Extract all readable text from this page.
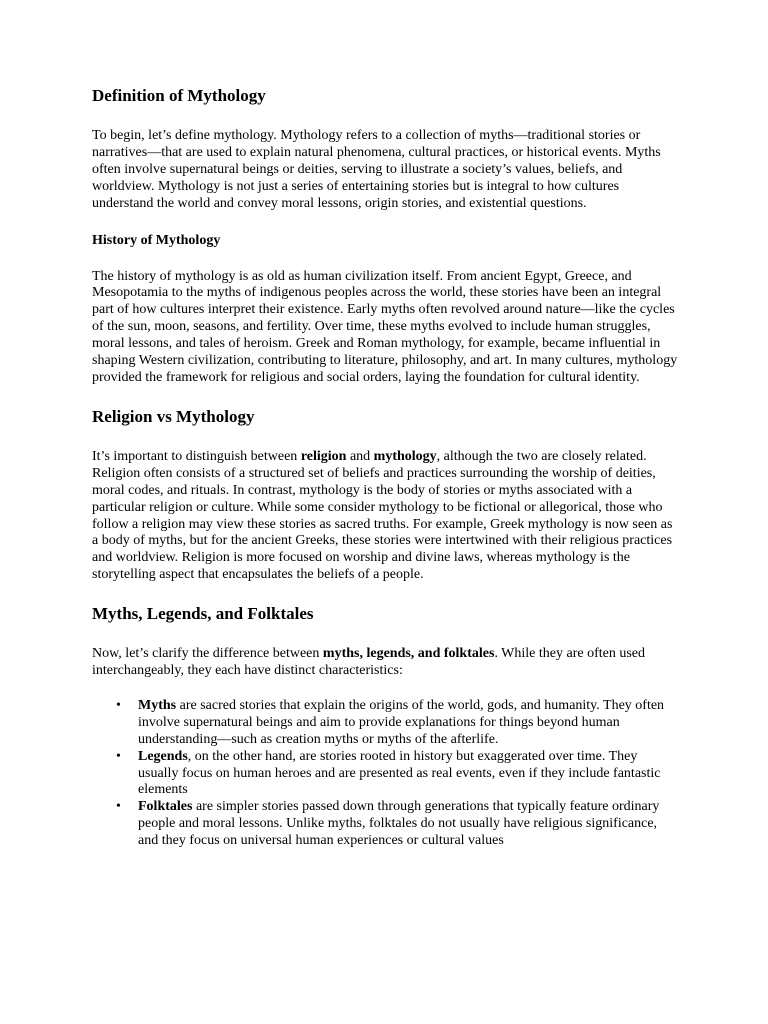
Definition of Mythology

To begin, let’s define mythology. Mythology refers to a collection of myths—traditional stories or narratives—that are used to explain natural phenomena, cultural practices, or historical events. Myths often involve supernatural beings or deities, serving to illustrate a society’s values, beliefs, and worldview. Mythology is not just a series of entertaining stories but is integral to how cultures understand the world and convey moral lessons, origin stories, and existential questions.

History of Mythology

The history of mythology is as old as human civilization itself. From ancient Egypt, Greece, and Mesopotamia to the myths of indigenous peoples across the world, these stories have been an integral part of how cultures interpret their existence. Early myths often revolved around nature—like the cycles of the sun, moon, seasons, and fertility. Over time, these myths evolved to include human struggles, moral lessons, and tales of heroism. Greek and Roman mythology, for example, became influential in shaping Western civilization, contributing to literature, philosophy, and art. In many cultures, mythology provided the framework for religious and social orders, laying the foundation for cultural identity.

Religion vs Mythology

It’s important to distinguish between religion and mythology, although the two are closely related. Religion often consists of a structured set of beliefs and practices surrounding the worship of deities, moral codes, and rituals. In contrast, mythology is the body of stories or myths associated with a particular religion or culture. While some consider mythology to be fictional or allegorical, those who follow a religion may view these stories as sacred truths. For example, Greek mythology is now seen as a body of myths, but for the ancient Greeks, these stories were intertwined with their religious practices and worldview. Religion is more focused on worship and divine laws, whereas mythology is the storytelling aspect that encapsulates the beliefs of a people.

Myths, Legends, and Folktales

Now, let’s clarify the difference between myths, legends, and folktales. While they are often used interchangeably, they each have distinct characteristics:

• Myths are sacred stories that explain the origins of the world, gods, and humanity. They often involve supernatural beings and aim to provide explanations for things beyond human understanding—such as creation myths or myths of the afterlife.
• Legends, on the other hand, are stories rooted in history but exaggerated over time. They usually focus on human heroes and are presented as real events, even if they include fantastic elements
• Folktales are simpler stories passed down through generations that typically feature ordinary people and moral lessons. Unlike myths, folktales do not usually have religious significance, and they focus on universal human experiences or cultural values
